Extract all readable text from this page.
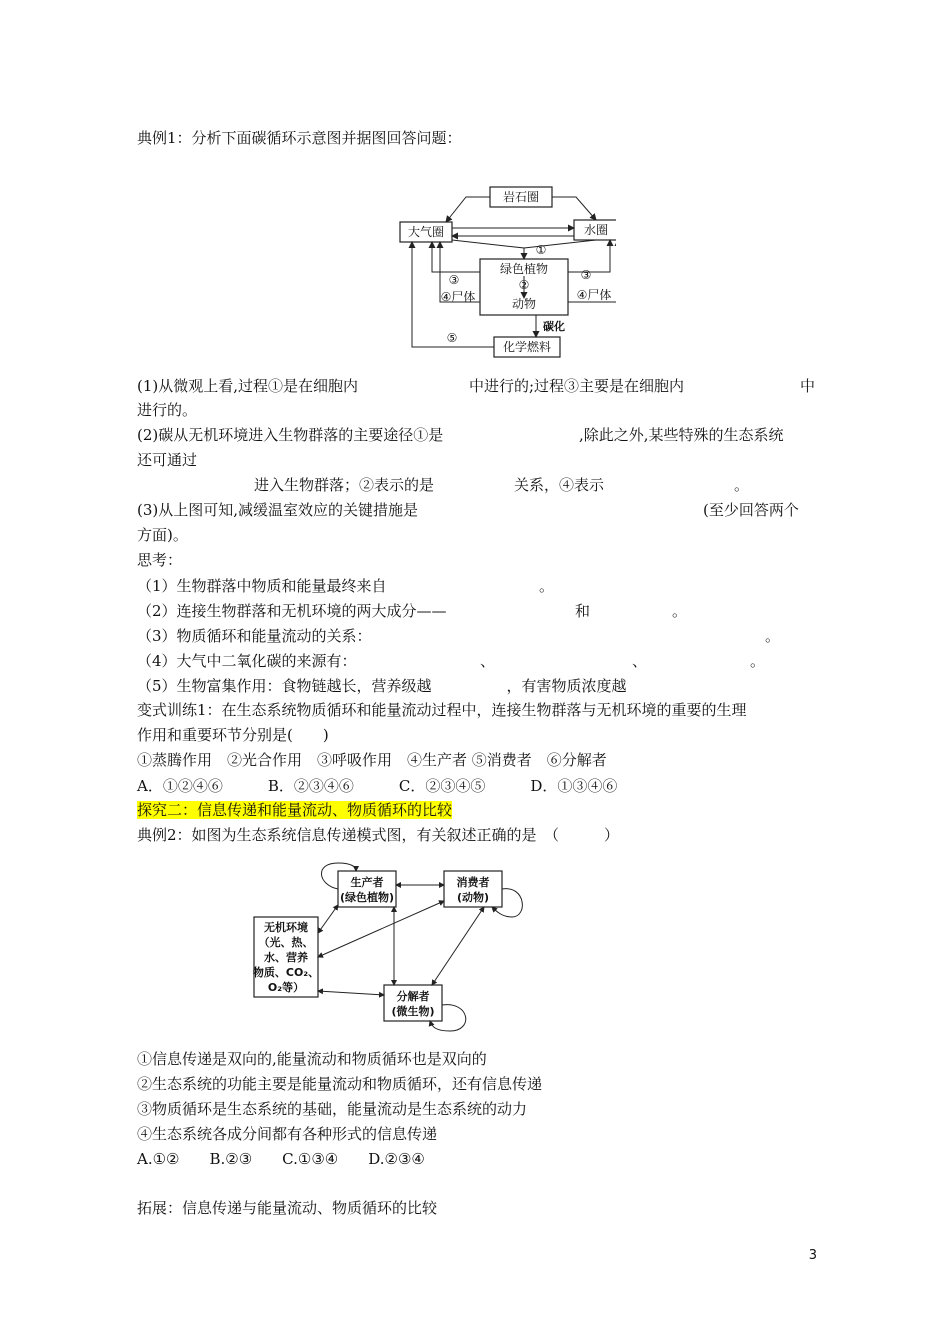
典例1：分析下面碳循环示意图并据图回答问题：
岩石圈
大气圈	水圈
绿色植物
②
动物
化学燃料
①
③
④尸体
③
④尸体
碳化
⑤
(1)从微观上看,过程①是在细胞内	中进行的;过程③主要是在细胞内	中
进行的。
(2)碳从无机环境进入生物群落的主要途径①是	,除此之外,某些特殊的生态系统
还可通过
进入生物群落；②表示的是	关系，④表示	。
(3)从上图可知,减缓温室效应的关键措施是	(至少回答两个
方面)。
思考：
（1）生物群落中物质和能量最终来自	。
（2）连接生物群落和无机环境的两大成分——	和	。
（3）物质循环和能量流动的关系：	。
（4）大气中二氧化碳的来源有：	、	、	。
（5）生物富集作用：食物链越长，营养级越　　　　　，有害物质浓度越
变式训练1：在生态系统物质循环和能量流动过程中，连接生物群落与无机环境的重要的生理
作用和重要环节分别是(　　)
①蒸腾作用　②光合作用　③呼吸作用　④生产者 ⑤消费者　⑥分解者
A．①②④⑥　　　B．②③④⑥　　　C．②③④⑤　　　D．①③④⑥
探究二：信息传递和能量流动、物质循环的比较
典例2：如图为生态系统信息传递模式图，有关叙述正确的是　（　　　）
生产者
(绿色植物)
消费者
(动物)
无机环境
（光、热、
水、营养
物质、CO₂、
O₂等）
分解者
(微生物)
①信息传递是双向的,能量流动和物质循环也是双向的
②生态系统的功能主要是能量流动和物质循环，还有信息传递
③物质循环是生态系统的基础，能量流动是生态系统的动力
④生态系统各成分间都有各种形式的信息传递
A.①②　　B.②③　　C.①③④　　D.②③④
拓展：信息传递与能量流动、物质循环的比较
3
